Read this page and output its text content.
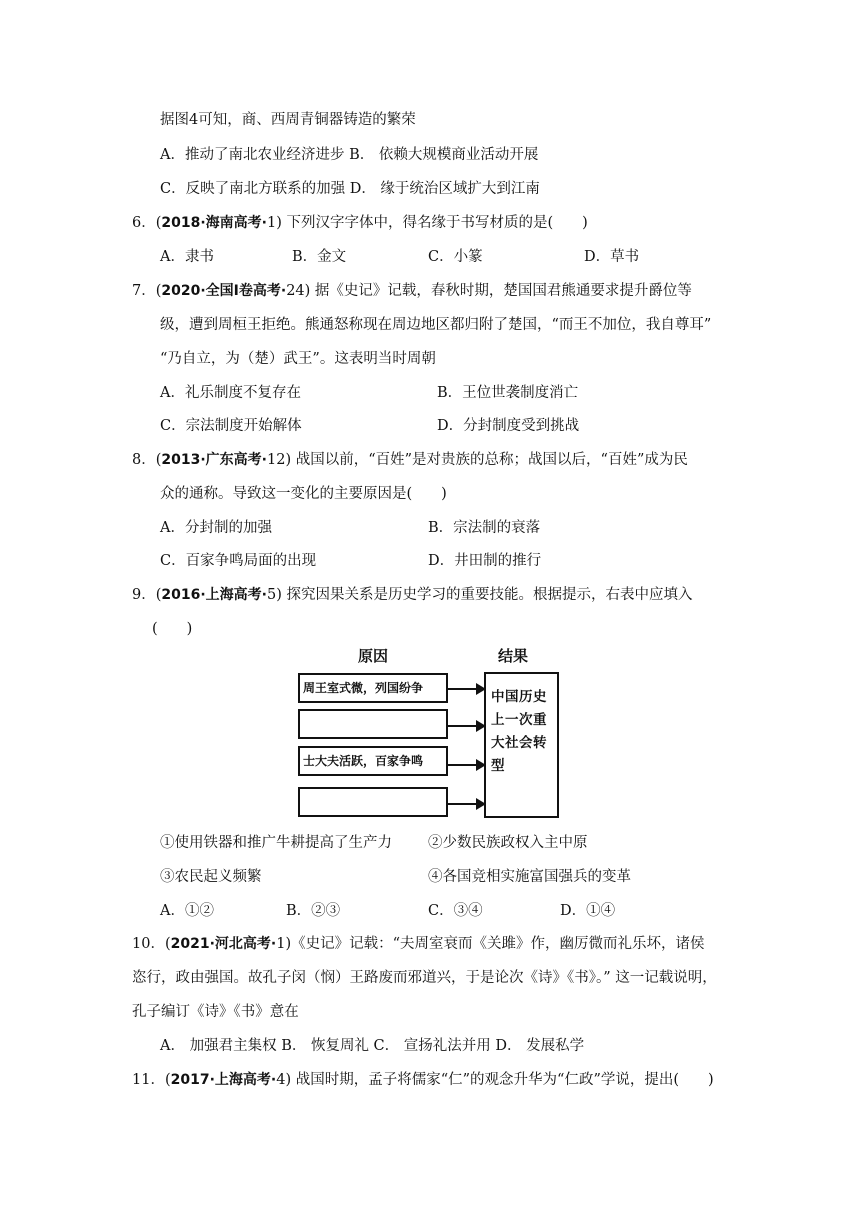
据图4可知，商、西周青铜器铸造的繁荣
A．推动了南北农业经济进步 B． 依赖大规模商业活动开展
C．反映了南北方联系的加强 D． 缘于统治区域扩大到江南
6．(2018·海南高考·1) 下列汉字字体中，得名缘于书写材质的是(　　)
A．隶书	B．金文	C．小篆	D．草书
7．(2020·全国Ⅰ卷高考·24) 据《史记》记载，春秋时期，楚国国君熊通要求提升爵位等
级，遭到周桓王拒绝。熊通怒称现在周边地区都归附了楚国，“而王不加位，我自尊耳”
“乃自立，为（楚）武王”。这表明当时周朝
A．礼乐制度不复存在	B．王位世袭制度消亡
C．宗法制度开始解体	D．分封制度受到挑战
8．(2013·广东高考·12) 战国以前，“百姓”是对贵族的总称；战国以后，“百姓”成为民
众的通称。导致这一变化的主要原因是(　　)
A．分封制的加强	B．宗法制的衰落
C．百家争鸣局面的出现	D．井田制的推行
9．(2016·上海高考·5) 探究因果关系是历史学习的重要技能。根据提示，右表中应填入
(　　)
原因	结果
周王室式微，列国纷争
士大夫活跃，百家争鸣
中国历史
上一次重
大社会转
型
①使用铁器和推广牛耕提高了生产力 ②少数民族政权入主中原
③农民起义频繁	④各国竞相实施富国强兵的变革
A．①②	B．②③	C．③④	D．①④
10．(2021·河北高考·1)《史记》记载：“夫周室衰而《关雎》作，幽厉微而礼乐坏，诸侯
恣行，政由强国。故孔子闵（悯）王路废而邪道兴，于是论次《诗》《书》。” 这一记载说明，
孔子编订《诗》《书》意在
A． 加强君主集权 B． 恢复周礼 C． 宣扬礼法并用 D． 发展私学
11．(2017·上海高考·4) 战国时期，孟子将儒家“仁”的观念升华为“仁政”学说，提出(　　)
